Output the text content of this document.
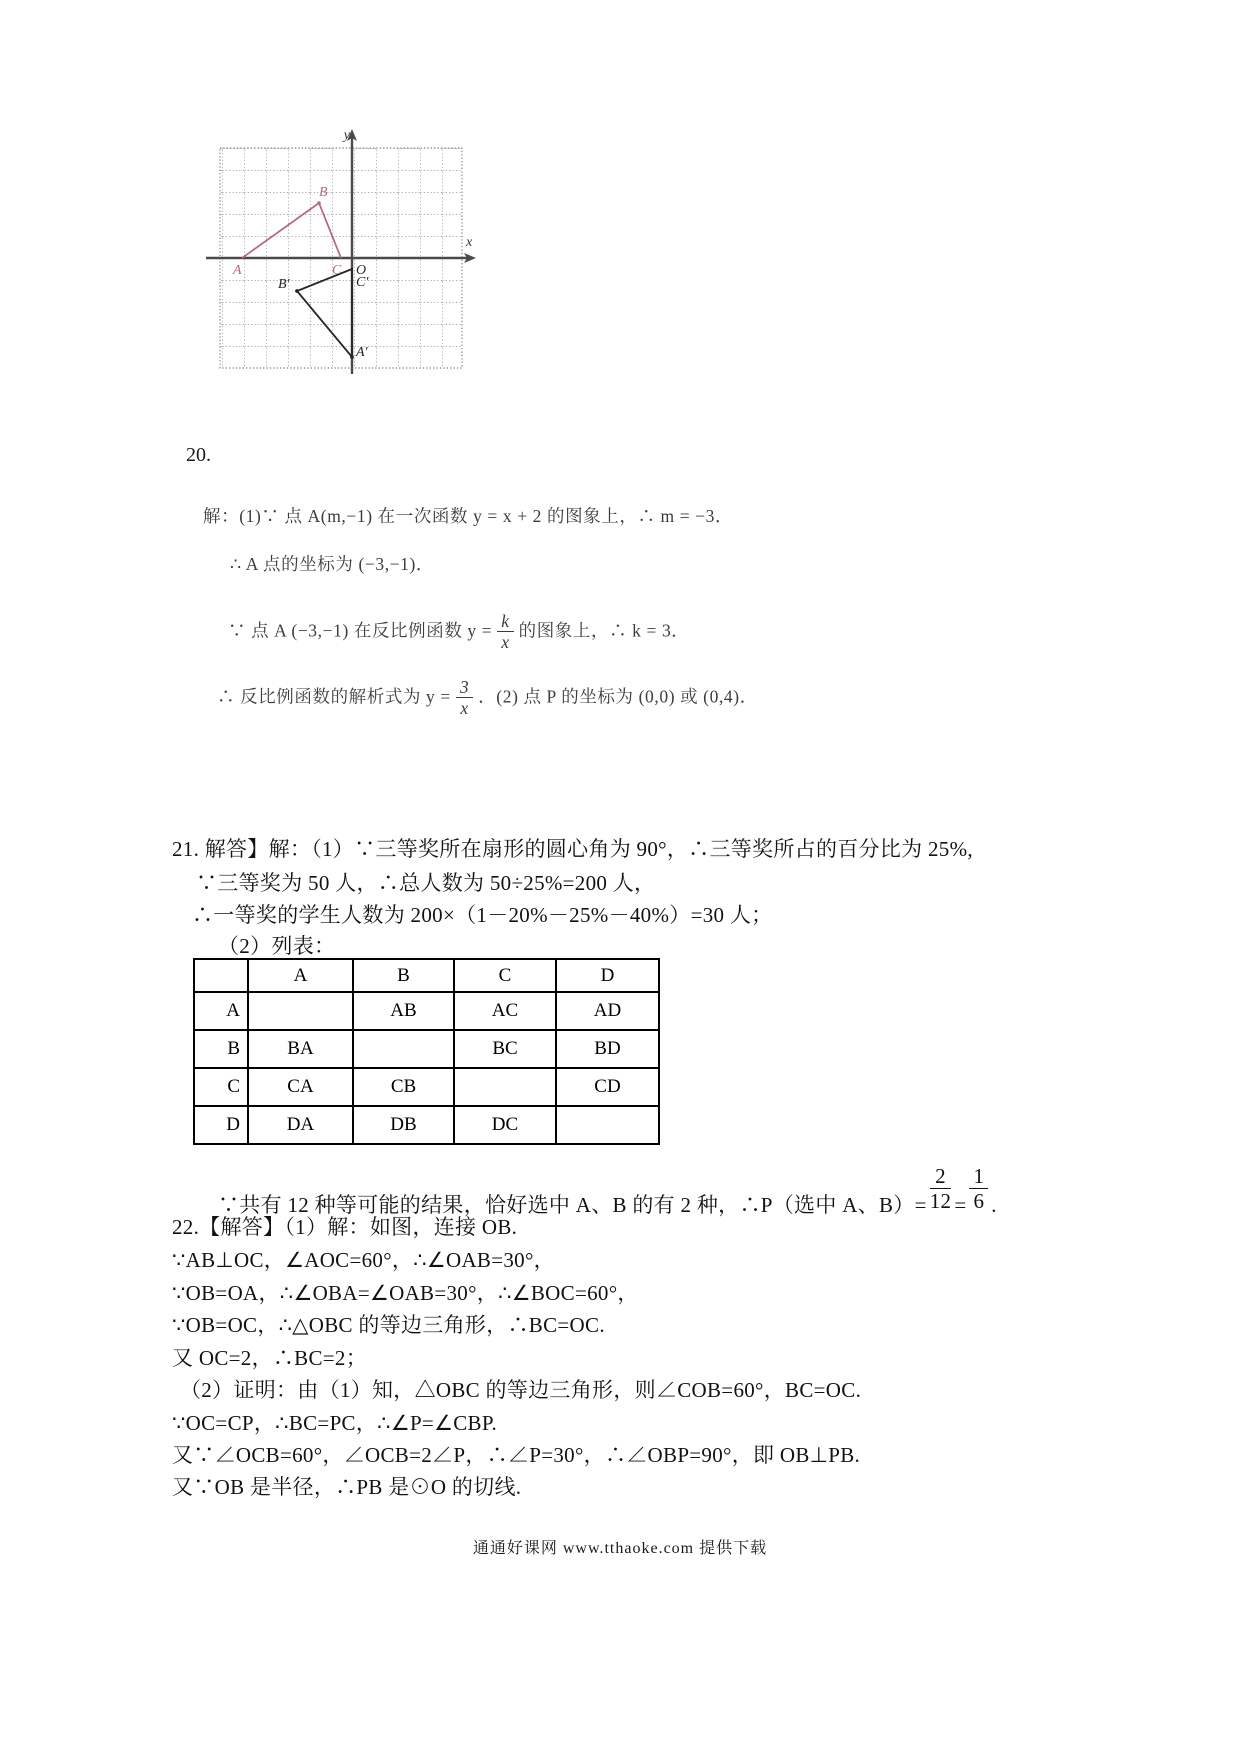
y
x
O
A
B
C
B′	C′
A′
20.
解：(1)∵ 点 A(m,−1) 在一次函数 y = x + 2 的图象上，∴ m = −3．
∴ A 点的坐标为 (−3,−1)．
∵ 点 A (−3,−1) 在反比例函数 $y = \frac{k}{x}$ 的图象上，∴ k = 3．
∴ 反比例函数的解析式为 $y = \frac{3}{x}$ ．(2) 点 P 的坐标为 (0,0) 或 (0,4)．
21. 解答】解：（1）∵三等奖所在扇形的圆心角为 90°，∴三等奖所占的百分比为 25%,
∵三等奖为 50 人，∴总人数为 50÷25%=200 人，
∴一等奖的学生人数为 200×（1－20%－25%－40%）=30 人；
（2）列表：
	A	B	C	D
A		AB	AC	AD
B	BA		BC	BD
C	CA	CB		CD
D	DA	DB	DC	
∵共有 12 种等可能的结果，恰好选中 A、B 的有 2 种，∴P（选中 A、$B)= \frac{2}{12} = \frac{1}{6}$ .
22.【解答】（1）解：如图，连接 OB.
∵AB⊥OC，∠AOC=60°，∴∠OAB=30°，
∵OB=OA，∴∠OBA=∠OAB=30°，∴∠BOC=60°，
∵OB=OC，∴△OBC 的等边三角形，∴BC=OC.
又 OC=2，∴BC=2；
（2）证明：由（1）知，△OBC 的等边三角形，则∠COB=60°，BC=OC.
∵OC=CP，∴BC=PC，∴∠P=∠CBP.
又∵∠OCB=60°，∠OCB=2∠P，∴∠P=30°，∴∠OBP=90°，即 OB⊥PB.
又∵OB 是半径，∴PB 是⊙O 的切线.
通通好课网 www.tthaoke.com 提供下载
